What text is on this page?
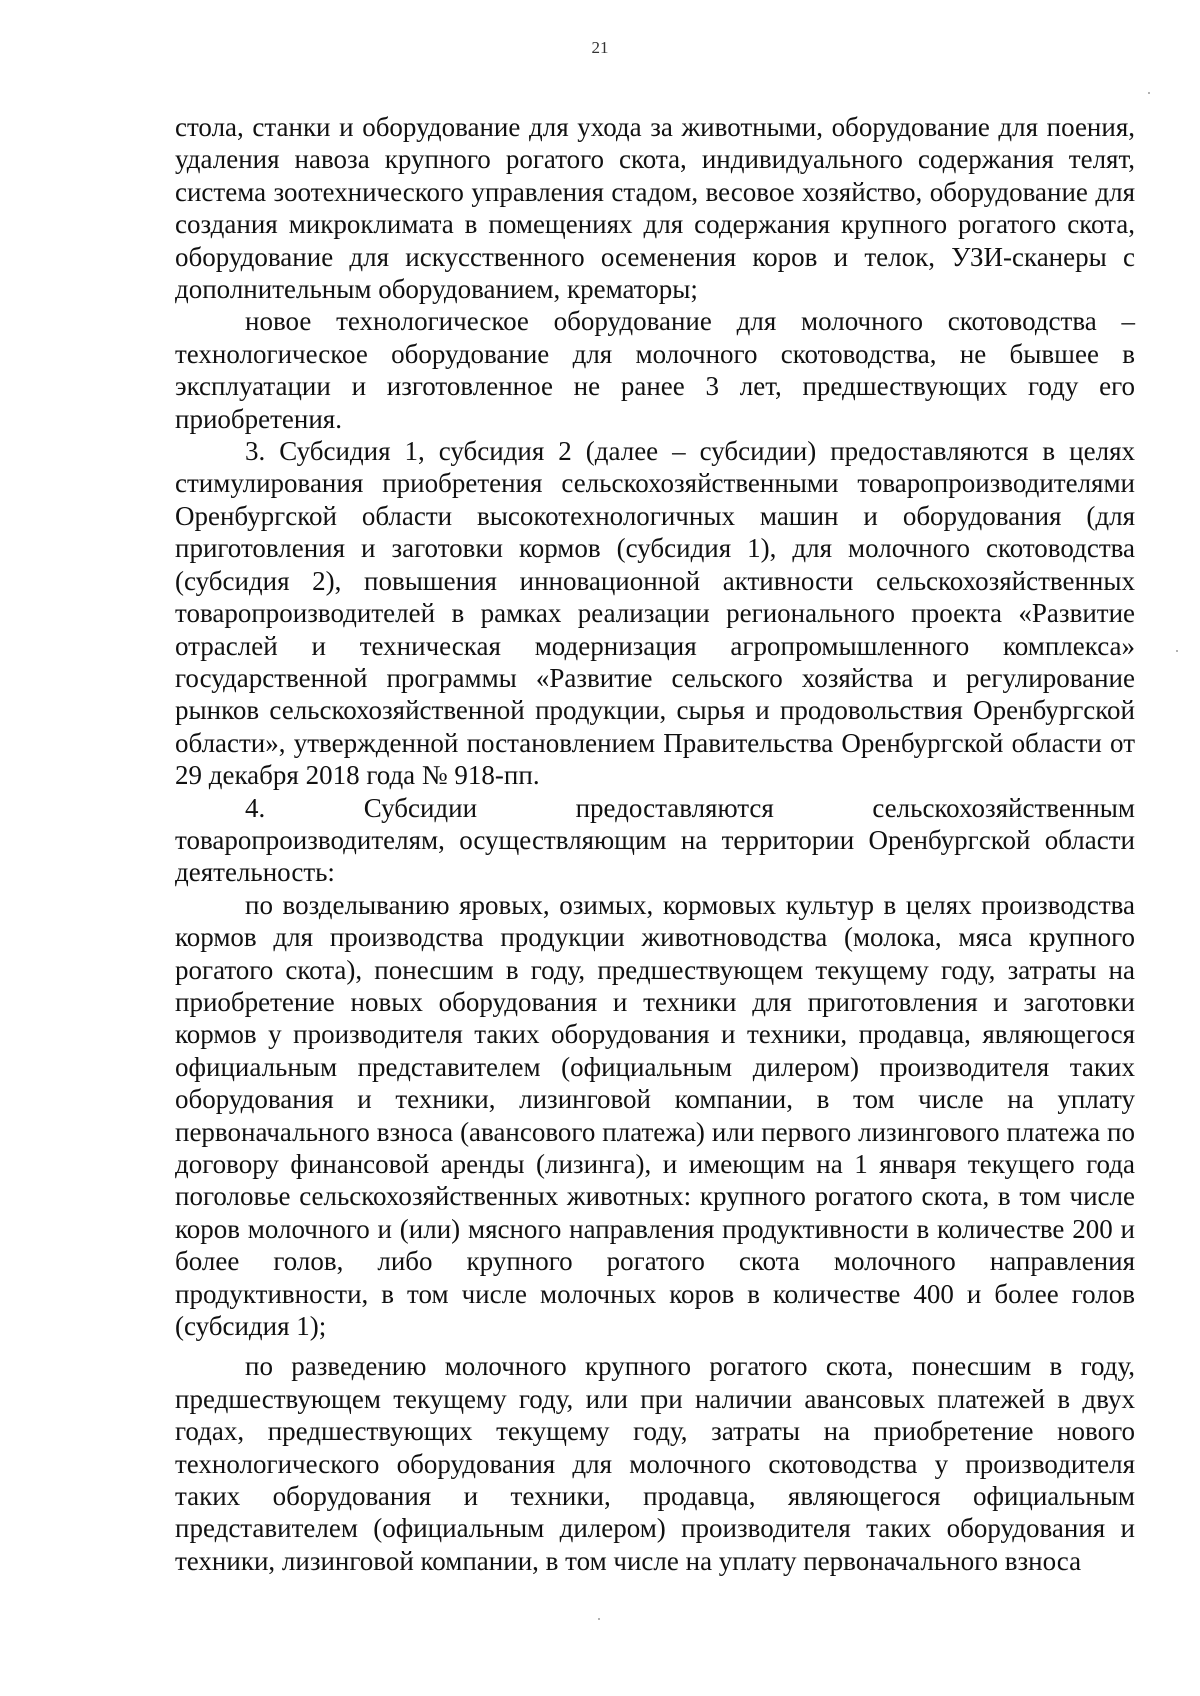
21

стола, станки и оборудование для ухода за животными, оборудование для поения, удаления навоза крупного рогатого скота, индивидуального содержания телят, система зоотехнического управления стадом, весовое хозяйство, оборудование для создания микроклимата в помещениях для содержания крупного рогатого скота, оборудование для искусственного осеменения коров и телок, УЗИ-сканеры с дополнительным оборудованием, крематоры;

новое технологическое оборудование для молочного скотоводства – технологическое оборудование для молочного скотоводства, не бывшее в эксплуатации и изготовленное не ранее 3 лет, предшествующих году его приобретения.

3. Субсидия 1, субсидия 2 (далее – субсидии) предоставляются в целях стимулирования приобретения сельскохозяйственными товаропроизводителями Оренбургской области высокотехнологичных машин и оборудования (для приготовления и заготовки кормов (субсидия 1), для молочного скотоводства (субсидия 2), повышения инновационной активности сельскохозяйственных товаропроизводителей в рамках реализации регионального проекта «Развитие отраслей и техническая модернизация агропромышленного комплекса» государственной программы «Развитие сельского хозяйства и регулирование рынков сельскохозяйственной продукции, сырья и продовольствия Оренбургской области», утвержденной постановлением Правительства Оренбургской области от 29 декабря 2018 года № 918-пп.

4. Субсидии предоставляются сельскохозяйственным товаропроизводителям, осуществляющим на территории Оренбургской области деятельность:

по возделыванию яровых, озимых, кормовых культур в целях производства кормов для производства продукции животноводства (молока, мяса крупного рогатого скота), понесшим в году, предшествующем текущему году, затраты на приобретение новых оборудования и техники для приготовления и заготовки кормов у производителя таких оборудования и техники, продавца, являющегося официальным представителем (официальным дилером) производителя таких оборудования и техники, лизинговой компании, в том числе на уплату первоначального взноса (авансового платежа) или первого лизингового платежа по договору финансовой аренды (лизинга), и имеющим на 1 января текущего года поголовье сельскохозяйственных животных: крупного рогатого скота, в том числе коров молочного и (или) мясного направления продуктивности в количестве 200 и более голов, либо крупного рогатого скота молочного направления продуктивности, в том числе молочных коров в количестве 400 и более голов (субсидия 1);

по разведению молочного крупного рогатого скота, понесшим в году, предшествующем текущему году, или при наличии авансовых платежей в двух годах, предшествующих текущему году, затраты на приобретение нового технологического оборудования для молочного скотоводства у производителя таких оборудования и техники, продавца, являющегося официальным представителем (официальным дилером) производителя таких оборудования и техники, лизинговой компании, в том числе на уплату первоначального взноса
